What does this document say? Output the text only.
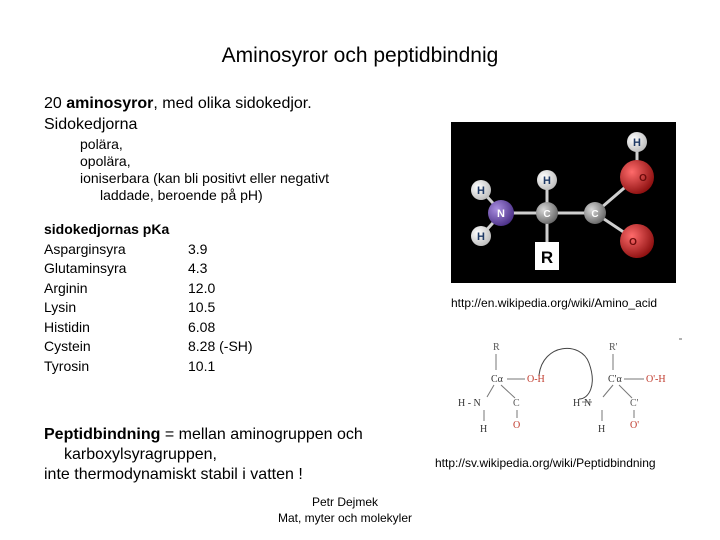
Aminosyror och peptidbindnig
20 aminosyror, med olika sidokedjor.
Sidokedjorna
polära,
opolära,
ioniserbara (kan bli positivt eller negativt
laddade, beroende på pH)
sidokedjornas pKa
Asparginsyra	3.9
Glutaminsyra	4.3
Arginin	12.0
Lysin	10.5
Histidin	6.08
Cystein	8.28 (-SH)
Tyrosin	10.1
Peptidbindning = mellan aminogruppen och
karboxylsyragruppen,
inte thermodynamiskt stabil i vatten !
H
H
H
H
N	C	C
O
O
R
http://en.wikipedia.org/wiki/Amino_acid
R
Cα O-H
H - N	C
H	O
H N
H
R'
C'α O'-H
C'
O'
http://sv.wikipedia.org/wiki/Peptidbindning
Petr Dejmek
Mat, myter och molekyler
